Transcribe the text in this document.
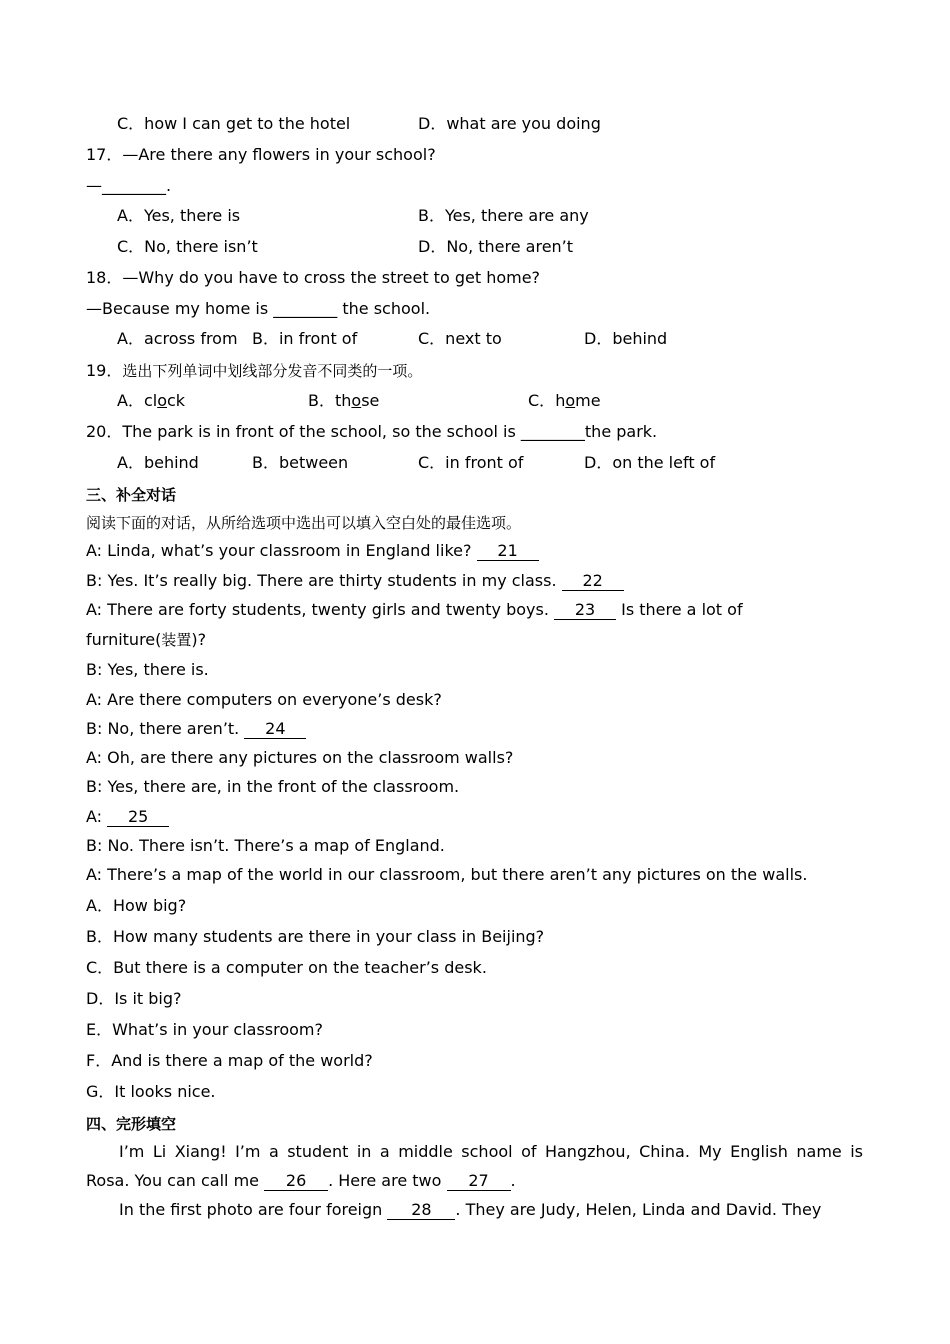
C．how I can get to the hotel	D．what are you doing
17．—Are there any flowers in your school?
—________.
A．Yes, there is	B．Yes, there are any
C．No, there isn’t	D．No, there aren’t
18．—Why do you have to cross the street to get home?
—Because my home is ________ the school.
A．across from B．in front of	C．next to	D．behind
19．选出下列单词中划线部分发音不同类的一项。
A．clock	B．those	C．home
20．The park is in front of the school, so the school is ________the park.
A．behind	B．between	C．in front of	D．on the left of
三、补全对话
阅读下面的对话，从所给选项中选出可以填入空白处的最佳选项。
A: Linda, what’s your classroom in England like? 21
B: Yes. It’s really big. There are thirty students in my class. 22
A: There are forty students, twenty girls and twenty boys. 23 Is there a lot of
furniture(装置)?
B: Yes, there is.
A: Are there computers on everyone’s desk?
B: No, there aren’t. 24
A: Oh, are there any pictures on the classroom walls?
B: Yes, there are, in the front of the classroom.
A: 25
B: No. There isn’t. There’s a map of England.
A: There’s a map of the world in our classroom, but there aren’t any pictures on the walls.
A．How big?
B．How many students are there in your class in Beijing?
C．But there is a computer on the teacher’s desk.
D．Is it big?
E．What’s in your classroom?
F．And is there a map of the world?
G．It looks nice.
四、完形填空
I’m Li Xiang! I’m a student in a middle school of Hangzhou, China. My English name is
Rosa. You can call me 26 . Here are two 27 .
In the first photo are four foreign 28 . They are Judy, Helen, Linda and David. They
